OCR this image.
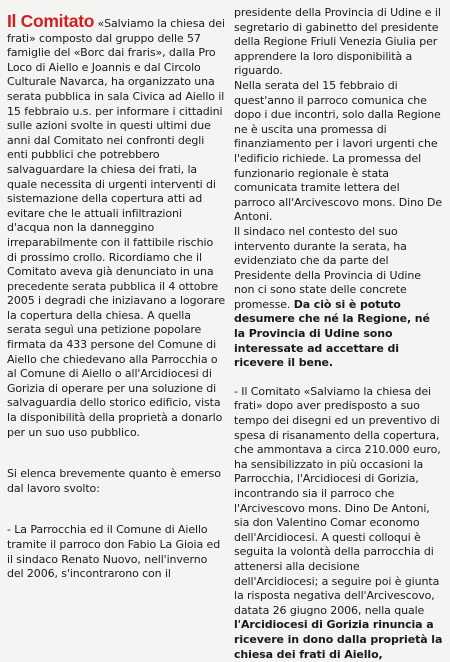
Il Comitato «Salviamo la chiesa dei frati» composto dal gruppo delle 57 famiglie del «Borc dai fraris», dalla Pro Loco di Aiello e Joannis e dal Circolo Culturale Navarca, ha organizzato una serata pubblica in sala Civica ad Aiello il 15 febbraio u.s. per informare i cittadini sulle azioni svolte in questi ultimi due anni dal Comitato nei confronti degli enti pubblici che potrebbero salvaguardare la chiesa dei frati, la quale necessita di urgenti interventi di sistemazione della copertura atti ad evitare che le attuali infiltrazioni d'acqua non la danneggino irreparabilmente con il fattibile rischio di prossimo crollo. Ricordiamo che il Comitato aveva già denunciato in una precedente serata pubblica il 4 ottobre 2005 i degradi che iniziavano a logorare la copertura della chiesa. A quella serata seguì una petizione popolare firmata da 433 persone del Comune di Aiello che chiedevano alla Parrocchia o al Comune di Aiello o all'Arcidiocesi di Gorizia di operare per una soluzione di salvaguardia dello storico edificio, vista la disponibilità della proprietà a donarlo per un suo uso pubblico.

Si elenca brevemente quanto è emerso dal lavoro svolto:

- La Parrocchia ed il Comune di Aiello tramite il parroco don Fabio La Gioia ed il sindaco Renato Nuovo, nell'inverno del 2006, s'incontrarono con il

presidente della Provincia di Udine e il segretario di gabinetto del presidente della Regione Friuli Venezia Giulia per apprendere la loro disponibilità a riguardo.

Nella serata del 15 febbraio di quest'anno il parroco comunica che dopo i due incontri, solo dalla Regione ne è uscita una promessa di finanziamento per i lavori urgenti che l'edificio richiede. La promessa del funzionario regionale è stata comunicata tramite lettera del parroco all'Arcivescovo mons. Dino De Antoni.

Il sindaco nel contesto del suo intervento durante la serata, ha evidenziato che da parte del Presidente della Provincia di Udine non ci sono state delle concrete promesse. Da ciò si è potuto desumere che né la Regione, né la Provincia di Udine sono interessate ad accettare di ricevere il bene.

- Il Comitato «Salviamo la chiesa dei frati» dopo aver predisposto a suo tempo dei disegni ed un preventivo di spesa di risanamento della copertura, che ammontava a circa 210.000 euro, ha sensibilizzato in più occasioni la Parrocchia, l'Arcidiocesi di Gorizia, incontrando sia il parroco che l'Arcivescovo mons. Dino De Antoni, sia don Valentino Comar economo dell'Arcidiocesi. A questi colloqui è seguita la volontà della parrocchia di attenersi alla decisione dell'Arcidiocesi; a seguire poi è giunta la risposta negativa dell'Arcivescovo, datata 26 giugno 2006, nella quale l'Arcidiocesi di Gorizia rinuncia a ricevere in dono dalla proprietà la chiesa dei frati di Aiello,
